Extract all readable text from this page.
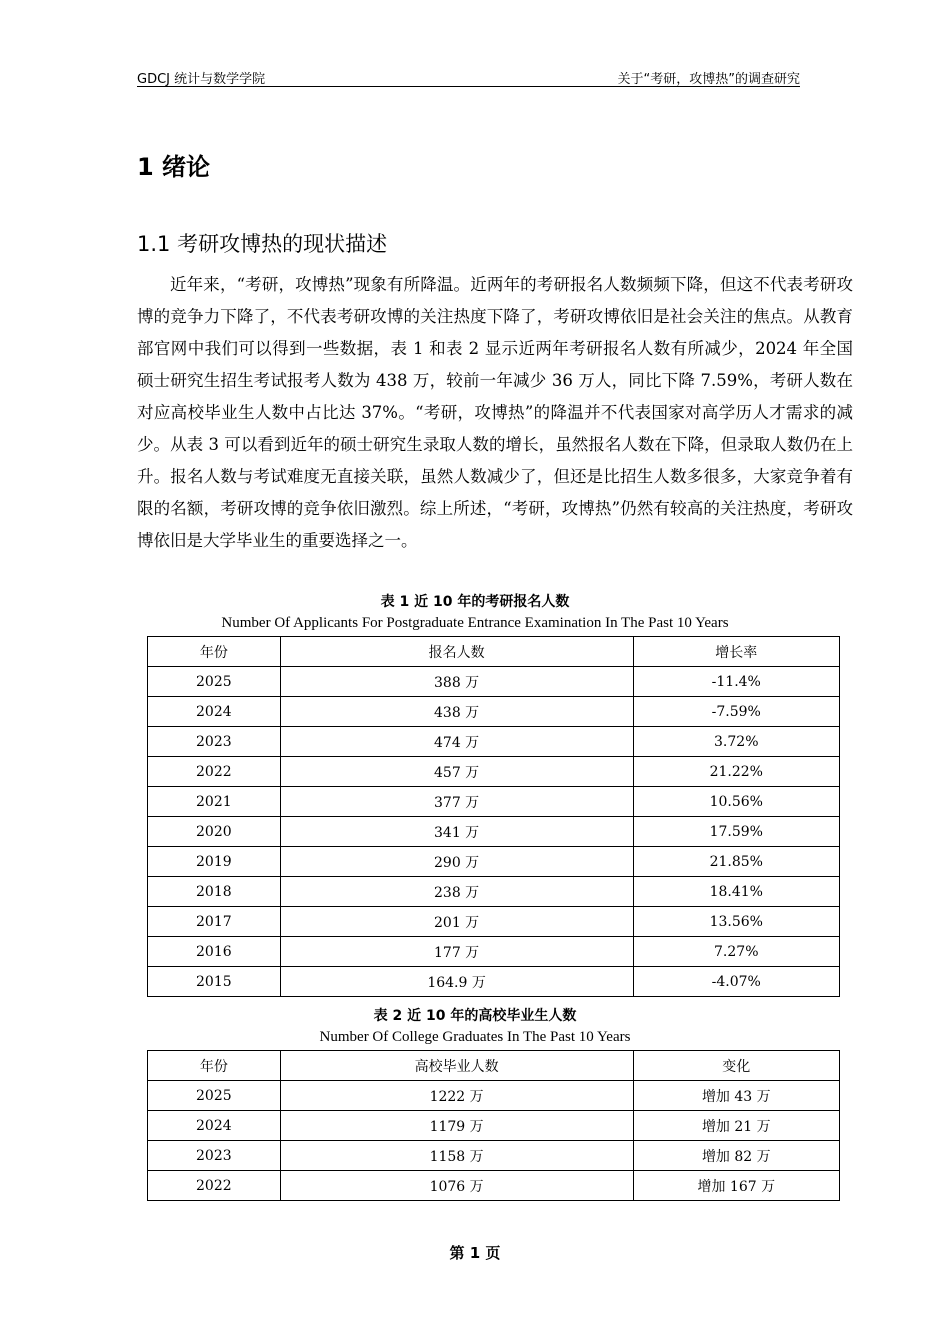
GDCJ 统计与数学学院	关于“考研，攻博热”的调查研究
1 绪论
1.1 考研攻博热的现状描述

近年来，“考研，攻博热”现象有所降温。近两年的考研报名人数频频下降，但这不代表考研攻博的竞争力下降了，不代表考研攻博的关注热度下降了，考研攻博依旧是社会关注的焦点。从教育部官网中我们可以得到一些数据，表 1 和表 2 显示近两年考研报名人数有所减少，2024 年全国硕士研究生招生考试报考人数为 438 万，较前一年减少 36 万人，同比下降 7.59%，考研人数在对应高校毕业生人数中占比达 37%。“考研，攻博热”的降温并不代表国家对高学历人才需求的减少。从表 3 可以看到近年的硕士研究生录取人数的增长，虽然报名人数在下降，但录取人数仍在上升。报名人数与考试难度无直接关联，虽然人数减少了，但还是比招生人数多很多，大家竞争着有限的名额，考研攻博的竞争依旧激烈。综上所述，“考研，攻博热”仍然有较高的关注热度，考研攻博依旧是大学毕业生的重要选择之一。

表 1 近 10 年的考研报名人数
Number Of Applicants For Postgraduate Entrance Examination In The Past 10 Years
年份	报名人数	增长率
2025	388 万	-11.4%
2024	438 万	-7.59%
2023	474 万	3.72%
2022	457 万	21.22%
2021	377 万	10.56%
2020	341 万	17.59%
2019	290 万	21.85%
2018	238 万	18.41%
2017	201 万	13.56%
2016	177 万	7.27%
2015	164.9 万	-4.07%
表 2 近 10 年的高校毕业生人数
Number Of College Graduates In The Past 10 Years
年份	高校毕业人数	变化
2025	1222 万	增加 43 万
2024	1179 万	增加 21 万
2023	1158 万	增加 82 万
2022	1076 万	增加 167 万
第 1 页
